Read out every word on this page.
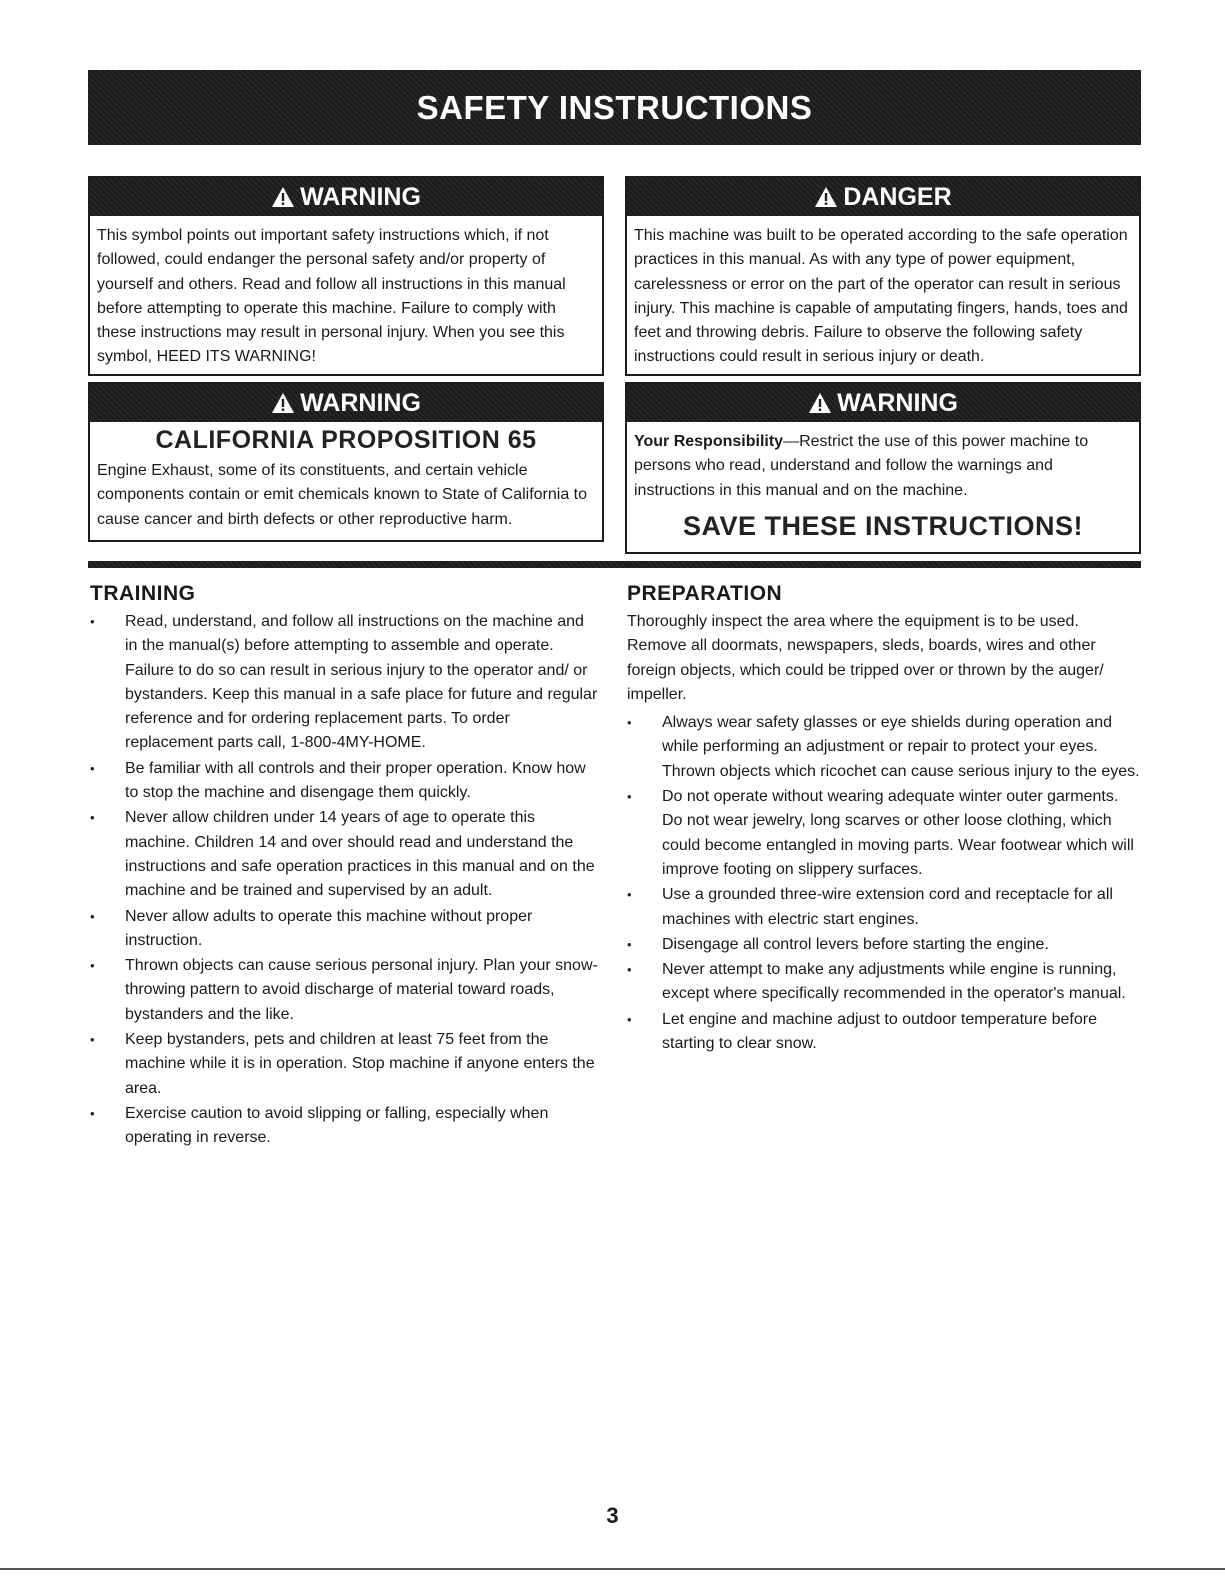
SAFETY INSTRUCTIONS
WARNING
This symbol points out important safety instructions which, if not followed, could endanger the personal safety and/or property of yourself and others. Read and follow all instructions in this manual before attempting to operate this machine. Failure to comply with these instructions may result in personal injury. When you see this symbol, HEED ITS WARNING!
DANGER
This machine was built to be operated according to the safe operation practices in this manual. As with any type of power equipment, carelessness or error on the part of the operator can result in serious injury. This machine is capable of amputating fingers, hands, toes and feet and throwing debris. Failure to observe the following safety instructions could result in serious injury or death.
WARNING
CALIFORNIA PROPOSITION 65
Engine Exhaust, some of its constituents, and certain vehicle components contain or emit chemicals known to State of California to cause cancer and birth defects or other reproductive harm.
WARNING
Your Responsibility—Restrict the use of this power machine to persons who read, understand and follow the warnings and instructions in this manual and on the machine.
SAVE THESE INSTRUCTIONS!
TRAINING
• Read, understand, and follow all instructions on the machine and in the manual(s) before attempting to assemble and operate. Failure to do so can result in serious injury to the operator and/ or bystanders. Keep this manual in a safe place for future and regular reference and for ordering replacement parts. To order replacement parts call, 1-800-4MY-HOME.
• Be familiar with all controls and their proper operation. Know how to stop the machine and disengage them quickly.
• Never allow children under 14 years of age to operate this machine. Children 14 and over should read and understand the instructions and safe operation practices in this manual and on the machine and be trained and supervised by an adult.
• Never allow adults to operate this machine without proper instruction.
• Thrown objects can cause serious personal injury. Plan your snow-throwing pattern to avoid discharge of material toward roads, bystanders and the like.
• Keep bystanders, pets and children at least 75 feet from the machine while it is in operation. Stop machine if anyone enters the area.
• Exercise caution to avoid slipping or falling, especially when operating in reverse.
PREPARATION

Thoroughly inspect the area where the equipment is to be used. Remove all doormats, newspapers, sleds, boards, wires and other foreign objects, which could be tripped over or thrown by the auger/ impeller.

• Always wear safety glasses or eye shields during operation and while performing an adjustment or repair to protect your eyes. Thrown objects which ricochet can cause serious injury to the eyes.
• Do not operate without wearing adequate winter outer garments. Do not wear jewelry, long scarves or other loose clothing, which could become entangled in moving parts. Wear footwear which will improve footing on slippery surfaces.
• Use a grounded three-wire extension cord and receptacle for all machines with electric start engines.
• Disengage all control levers before starting the engine.
• Never attempt to make any adjustments while engine is running, except where specifically recommended in the operator's manual.
• Let engine and machine adjust to outdoor temperature before starting to clear snow.
3
